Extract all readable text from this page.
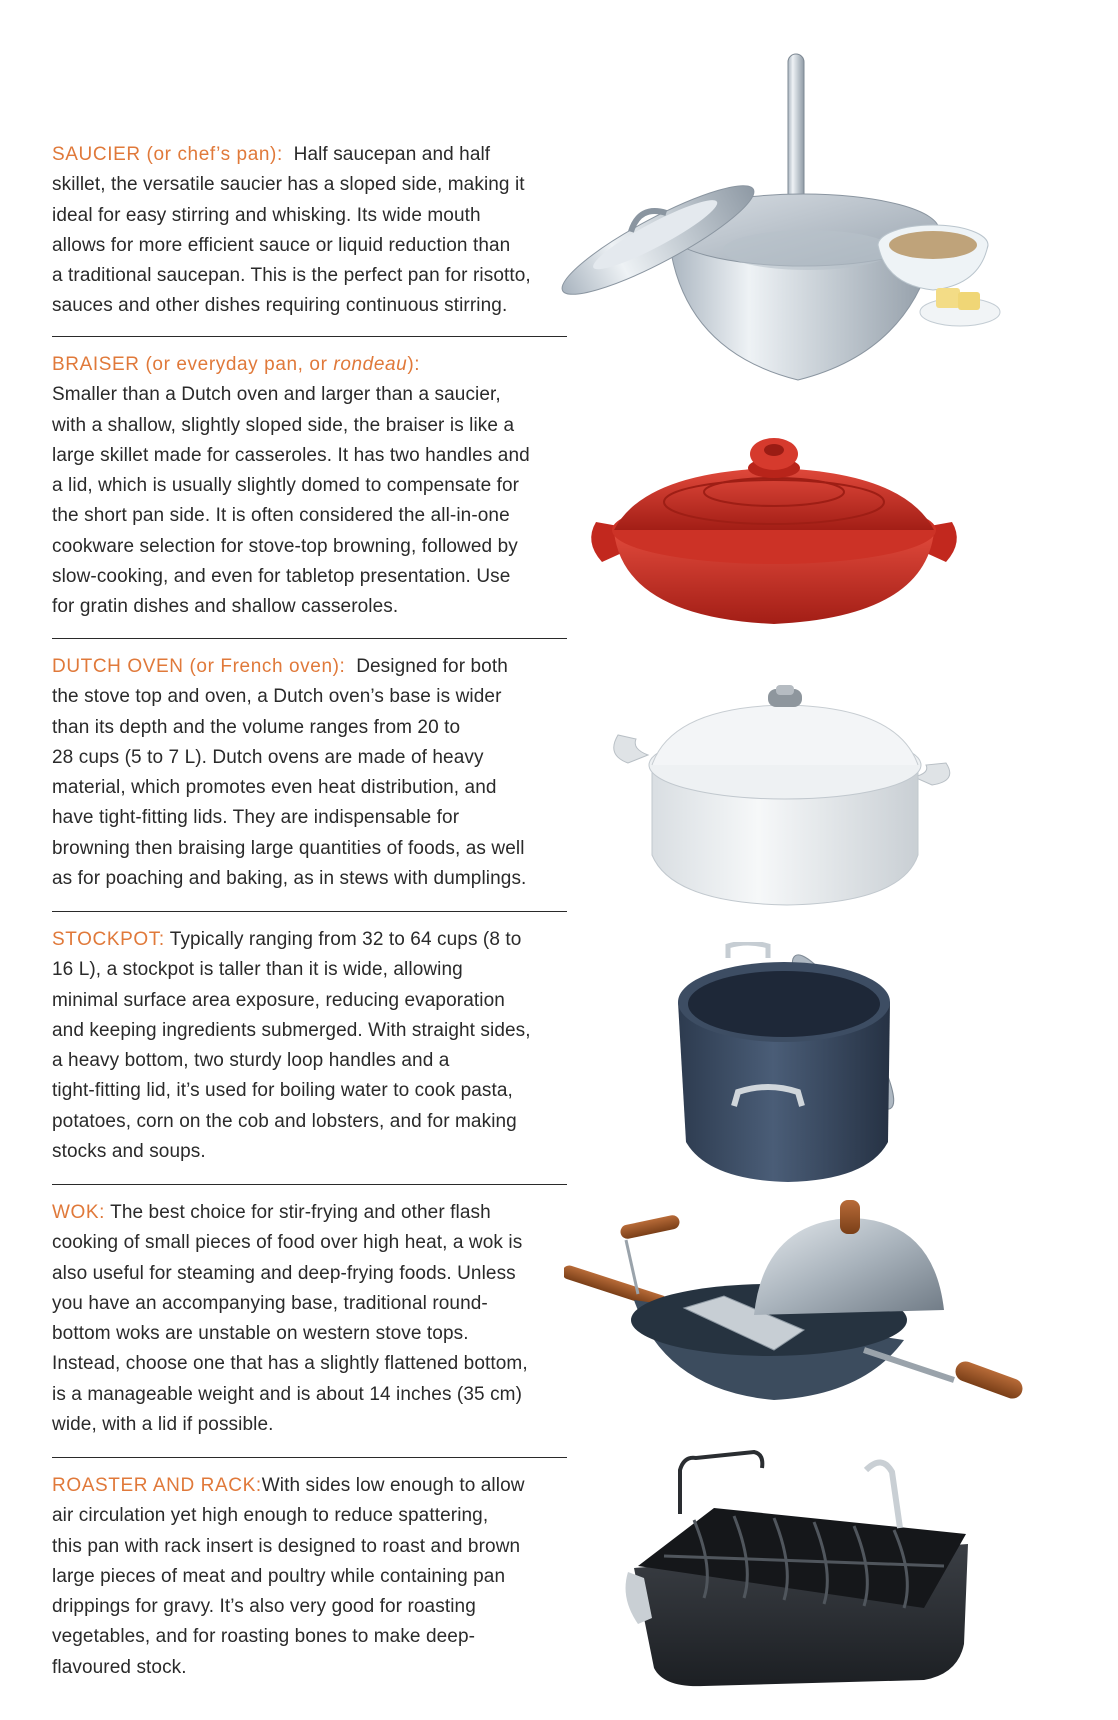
SAUCIER (or chef’s pan): Half saucepan and half

skillet, the versatile saucier has a sloped side, making it

ideal for easy stirring and whisking. Its wide mouth

allows for more efficient sauce or liquid reduction than

a traditional saucepan. This is the perfect pan for risotto,

sauces and other dishes requiring continuous stirring.

BRAISER (or everyday pan, or rondeau):

Smaller than a Dutch oven and larger than a saucier,

with a shallow, slightly sloped side, the braiser is like a

large skillet made for casseroles. It has two handles and

a lid, which is usually slightly domed to compensate for

the short pan side. It is often considered the all-in-one

cookware selection for stove-top browning, followed by

slow-cooking, and even for tabletop presentation. Use

for gratin dishes and shallow casseroles.

DUTCH OVEN (or French oven): Designed for both

the stove top and oven, a Dutch oven’s base is wider

than its depth and the volume ranges from 20 to

28 cups (5 to 7 L). Dutch ovens are made of heavy

material, which promotes even heat distribution, and

have tight-fitting lids. They are indispensable for

browning then braising large quantities of foods, as well

as for poaching and baking, as in stews with dumplings.

STOCKPOT: Typically ranging from 32 to 64 cups (8 to

16 L), a stockpot is taller than it is wide, allowing

minimal surface area exposure, reducing evaporation

and keeping ingredients submerged. With straight sides,

a heavy bottom, two sturdy loop handles and a

tight-fitting lid, it’s used for boiling water to cook pasta,

potatoes, corn on the cob and lobsters, and for making

stocks and soups.

WOK: The best choice for stir-frying and other flash

cooking of small pieces of food over high heat, a wok is

also useful for steaming and deep-frying foods. Unless

you have an accompanying base, traditional round-

bottom woks are unstable on western stove tops.

Instead, choose one that has a slightly flattened bottom,

is a manageable weight and is about 14 inches (35 cm)

wide, with a lid if possible.

ROASTER AND RACK:With sides low enough to allow

air circulation yet high enough to reduce spattering,

this pan with rack insert is designed to roast and brown

large pieces of meat and poultry while containing pan

drippings for gravy. It’s also very good for roasting

vegetables, and for roasting bones to make deep-

flavoured stock.
